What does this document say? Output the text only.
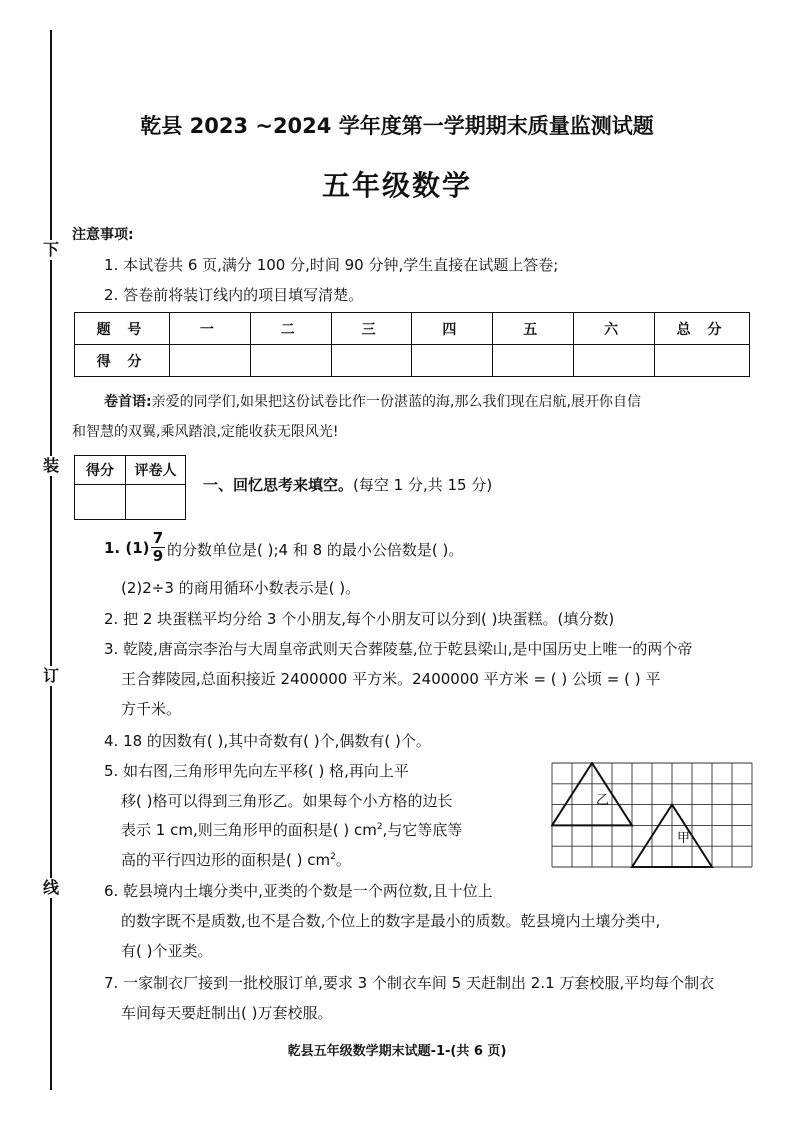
下
装
订
线
乾县 2023 ~2024 学年度第一学期期末质量监测试题
五年级数学
注意事项:
1. 本试卷共 6 页,满分 100 分,时间 90 分钟,学生直接在试题上答卷;
2. 答卷前将装订线内的项目填写清楚。
题 号	一	二	三	四	五	六	总 分
得 分							
卷首语:亲爱的同学们,如果把这份试卷比作一份湛蓝的海,那么我们现在启航,展开你自信
和智慧的双翼,乘风踏浪,定能收获无限风光!
得分	评卷人

一、回忆思考来填空。(每空 1 分,共 15 分)
1. $(1) \frac{7}{9}$ 的分数单位是( );4 和 8 的最小公倍数是( )。
(2)2÷3 的商用循环小数表示是( )。
2. 把 2 块蛋糕平均分给 3 个小朋友,每个小朋友可以分到( )块蛋糕。(填分数)
3. 乾陵,唐高宗李治与大周皇帝武则天合葬陵墓,位于乾县梁山,是中国历史上唯一的两个帝
王合葬陵园,总面积接近 2400000 平方米。2400000 平方米 = ( ) 公顷 = ( ) 平
方千米。
4. 18 的因数有( ),其中奇数有( )个,偶数有( )个。
5. 如右图,三角形甲先向左平移( ) 格,再向上平
移( )格可以得到三角形乙。如果每个小方格的边长
表示 1 cm,则三角形甲的面积是( ) $cm^2$,与它等底等
高的平行四边形的面积是( ) $cm^2$。
乙
甲
6. 乾县境内土壤分类中,亚类的个数是一个两位数,且十位上
的数字既不是质数,也不是合数,个位上的数字是最小的质数。乾县境内土壤分类中,
有( )个亚类。
7. 一家制衣厂接到一批校服订单,要求 3 个制衣车间 5 天赶制出 2.1 万套校服,平均每个制衣
车间每天要赶制出( )万套校服。
乾县五年级数学期末试题-1-(共 6 页)
